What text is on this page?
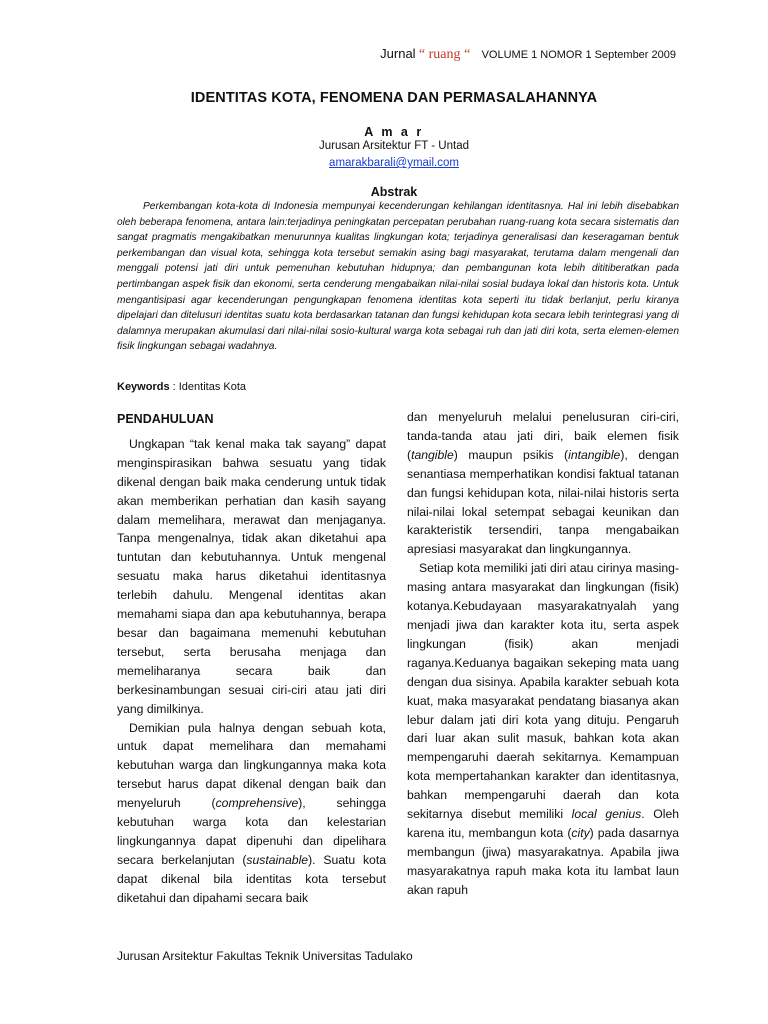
Jurnal “ ruang “ VOLUME 1 NOMOR 1 September 2009
IDENTITAS KOTA, FENOMENA DAN PERMASALAHANNYA
A m a r
Jurusan Arsitektur FT - Untad
amarakbarali@ymail.com
Abstrak
Perkembangan kota-kota di Indonesia mempunyai kecenderungan kehilangan identitasnya. Hal ini lebih disebabkan oleh beberapa fenomena, antara lain:terjadinya peningkatan percepatan perubahan ruang-ruang kota secara sistematis dan sangat pragmatis mengakibatkan menurunnya kualitas lingkungan kota; terjadinya generalisasi dan keseragaman bentuk perkembangan dan visual kota, sehingga kota tersebut semakin asing bagi masyarakat, terutama dalam mengenali dan menggali potensi jati diri untuk pemenuhan kebutuhan hidupnya; dan pembangunan kota lebih dititiberatkan pada pertimbangan aspek fisik dan ekonomi, serta cenderung mengabaikan nilai-nilai sosial budaya lokal dan historis kota. Untuk mengantisipasi agar kecenderungan pengungkapan fenomena identitas kota seperti itu tidak berlanjut, perlu kiranya dipelajari dan ditelusuri identitas suatu kota berdasarkan tatanan dan fungsi kehidupan kota secara lebih terintegrasi yang di dalamnya merupakan akumulasi dari nilai-nilai sosio-kultural warga kota sebagai ruh dan jati diri kota, serta elemen-elemen fisik lingkungan sebagai wadahnya.
Keywords : Identitas Kota
PENDAHULUAN

Ungkapan “tak kenal maka tak sayang” dapat menginspirasikan bahwa sesuatu yang tidak dikenal dengan baik maka cenderung untuk tidak akan memberikan perhatian dan kasih sayang dalam memelihara, merawat dan menjaganya. Tanpa mengenalnya, tidak akan diketahui apa tuntutan dan kebutuhannya. Untuk mengenal sesuatu maka harus diketahui identitasnya terlebih dahulu. Mengenal identitas akan memahami siapa dan apa kebutuhannya, berapa besar dan bagaimana memenuhi kebutuhan tersebut, serta berusaha menjaga dan memeliharanya secara baik dan berkesinambungan sesuai ciri-ciri atau jati diri yang dimilkinya.

Demikian pula halnya dengan sebuah kota, untuk dapat memelihara dan memahami kebutuhan warga dan lingkungannya maka kota tersebut harus dapat dikenal dengan baik dan menyeluruh (comprehensive), sehingga kebutuhan warga kota dan kelestarian lingkungannya dapat dipenuhi dan dipelihara secara berkelanjutan (sustainable). Suatu kota dapat dikenal bila identitas kota tersebut diketahui dan dipahami secara baik

dan menyeluruh melalui penelusuran ciri-ciri, tanda-tanda atau jati diri, baik elemen fisik (tangible) maupun psikis (intangible), dengan senantiasa memperhatikan kondisi faktual tatanan dan fungsi kehidupan kota, nilai-nilai historis serta nilai-nilai lokal setempat sebagai keunikan dan karakteristik tersendiri, tanpa mengabaikan apresiasi masyarakat dan lingkungannya.

Setiap kota memiliki jati diri atau cirinya masing-masing antara masyarakat dan lingkungan (fisik) kotanya.Kebudayaan masyarakatnyalah yang menjadi jiwa dan karakter kota itu, serta aspek lingkungan (fisik) akan menjadi raganya.Keduanya bagaikan sekeping mata uang dengan dua sisinya. Apabila karakter sebuah kota kuat, maka masyarakat pendatang biasanya akan lebur dalam jati diri kota yang dituju. Pengaruh dari luar akan sulit masuk, bahkan kota akan mempengaruhi daerah sekitarnya. Kemampuan kota mempertahankan karakter dan identitasnya, bahkan mempengaruhi daerah dan kota sekitarnya disebut memiliki local genius. Oleh karena itu, membangun kota (city) pada dasarnya membangun (jiwa) masyarakatnya. Apabila jiwa masyarakatnya rapuh maka kota itu lambat laun akan rapuh

Jurusan Arsitektur Fakultas Teknik Universitas Tadulako
